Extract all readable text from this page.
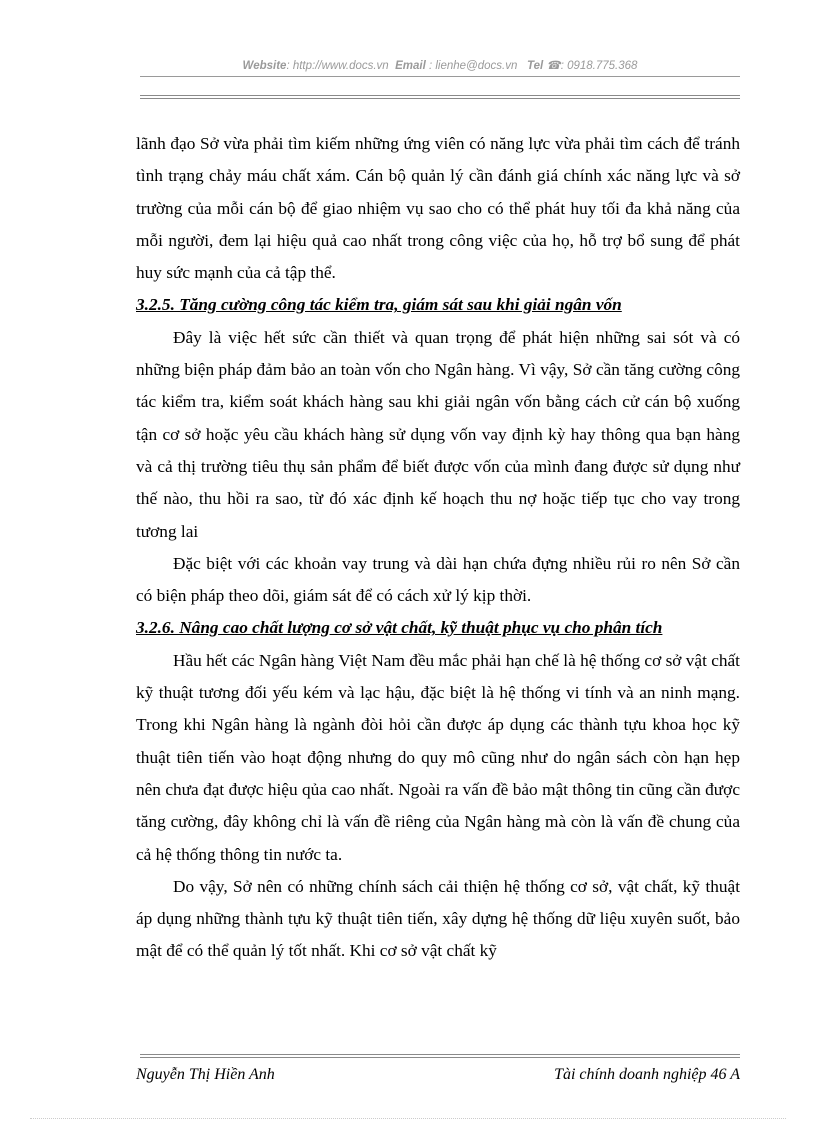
Website: http://www.docs.vn Email : lienhe@docs.vn Tel ☎: 0918.775.368

lãnh đạo Sở vừa phải tìm kiếm những ứng viên có năng lực vừa phải tìm cách để tránh tình trạng chảy máu chất xám. Cán bộ quản lý cần đánh giá chính xác năng lực và sở trường của mỗi cán bộ để giao nhiệm vụ sao cho có thể phát huy tối đa khả năng của mỗi người, đem lại hiệu quả cao nhất trong công việc của họ, hỗ trợ bổ sung để phát huy sức mạnh của cả tập thể.

3.2.5. Tăng cường công tác kiểm tra, giám sát sau khi giải ngân vốn

Đây là việc hết sức cần thiết và quan trọng để phát hiện những sai sót và có những biện pháp đảm bảo an toàn vốn cho Ngân hàng. Vì vậy, Sở cần tăng cường công tác kiểm tra, kiểm soát khách hàng sau khi giải ngân vốn bằng cách cử cán bộ xuống tận cơ sở hoặc yêu cầu khách hàng sử dụng vốn vay định kỳ hay thông qua bạn hàng và cả thị trường tiêu thụ sản phẩm để biết được vốn của mình đang được sử dụng như thế nào, thu hồi ra sao, từ đó xác định kế hoạch thu nợ hoặc tiếp tục cho vay trong tương lai

Đặc biệt với các khoản vay trung và dài hạn chứa đựng nhiều rủi ro nên Sở cần có biện pháp theo dõi, giám sát để có cách xử lý kịp thời.

3.2.6. Nâng cao chất lượng cơ sở vật chất, kỹ thuật phục vụ cho phân tích

Hầu hết các Ngân hàng Việt Nam đều mắc phải hạn chế là hệ thống cơ sở vật chất kỹ thuật tương đối yếu kém và lạc hậu, đặc biệt là hệ thống vi tính và an ninh mạng. Trong khi Ngân hàng là ngành đòi hỏi cần được áp dụng các thành tựu khoa học kỹ thuật tiên tiến vào hoạt động nhưng do quy mô cũng như do ngân sách còn hạn hẹp nên chưa đạt được hiệu qủa cao nhất. Ngoài ra vấn đề bảo mật thông tin cũng cần được tăng cường, đây không chỉ là vấn đề riêng của Ngân hàng mà còn là vấn đề chung của cả hệ thống thông tin nước ta.

Do vậy, Sở nên có những chính sách cải thiện hệ thống cơ sở, vật chất, kỹ thuật áp dụng những thành tựu kỹ thuật tiên tiến, xây dựng hệ thống dữ liệu xuyên suốt, bảo mật để có thể quản lý tốt nhất. Khi cơ sở vật chất kỹ

Nguyễn Thị Hiền Anh	Tài chính doanh nghiệp 46 A
